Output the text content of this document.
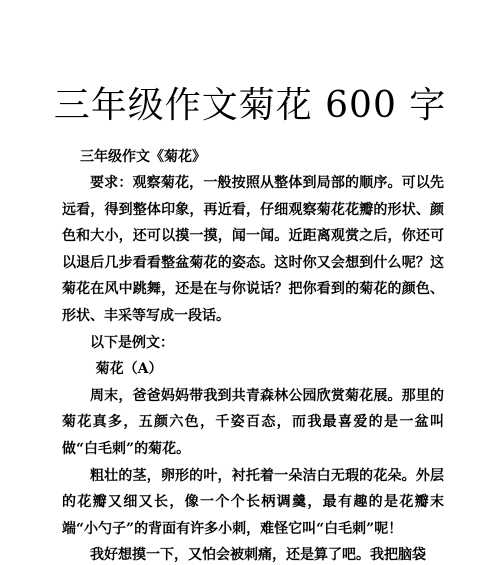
三年级作文菊花 600 字

三年级作文《菊花》

要求：观察菊花，一般按照从整体到局部的顺序。可以先远看，得到整体印象，再近看，仔细观察菊花花瓣的形状、颜色和大小，还可以摸一摸，闻一闻。近距离观赏之后，你还可以退后几步看看整盆菊花的姿态。这时你又会想到什么呢？这菊花在风中跳舞，还是在与你说话？把你看到的菊花的颜色、形状、丰采等写成一段话。

以下是例文：

菊花（A）

周末，爸爸妈妈带我到共青森林公园欣赏菊花展。那里的菊花真多，五颜六色，千姿百态，而我最喜爱的是一盆叫做“白毛刺”的菊花。

粗壮的茎，卵形的叶，衬托着一朵洁白无瑕的花朵。外层的花瓣又细又长，像一个个长柄调羹，最有趣的是花瓣末端“小勺子”的背面有许多小刺，难怪它叫“白毛刺”呢！

我好想摸一下，又怕会被刺痛，还是算了吧。我把脑袋
